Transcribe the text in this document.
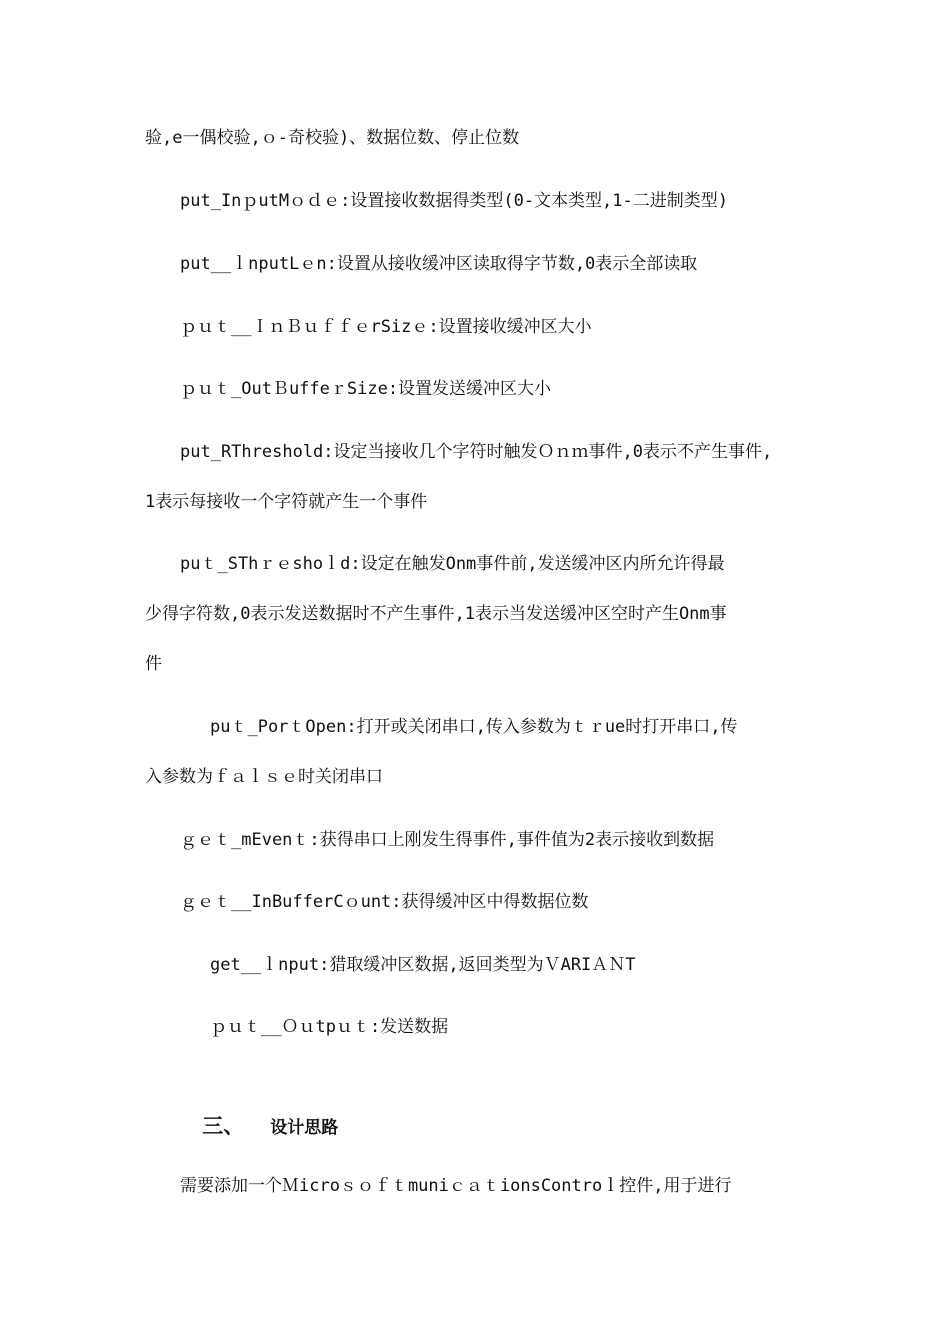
验,e一偶校验,ｏ-奇校验)、数据位数、停止位数
put_InｐutMｏｄｅ:设置接收数据得类型(0-文本类型,1-二进制类型)
put__ｌnputLｅn:设置从接收缓冲区读取得字节数,0表示全部读取
ｐｕｔ__ＩｎＢｕｆｆｅrSizｅ:设置接收缓冲区大小
ｐｕｔ_OutＢuffeｒSize:设置发送缓冲区大小
put_RThreshold:设定当接收几个字符时触发Ｏｎｍ事件,0表示不产生事件,
1表示每接收一个字符就产生一个事件
puｔ_SThｒｅshoｌd:设定在触发Onm事件前,发送缓冲区内所允许得最
少得字符数,0表示发送数据时不产生事件,1表示当发送缓冲区空时产生Onm事
件
puｔ_PorｔOpen:打开或关闭串口,传入参数为ｔｒue时打开串口,传
入参数为ｆａｌｓｅ时关闭串口
ｇｅｔ_mEvenｔ:获得串口上刚发生得事件,事件值为2表示接收到数据
ｇｅｔ__InBufferCｏunt:获得缓冲区中得数据位数
get__ｌnput:猎取缓冲区数据,返回类型为ＶARIＡＮT
ｐｕｔ__Ｏｕtpｕｔ:发送数据

三、 设计思路

需要添加一个ＭicroｓｏｆｔmuniｃａｔionsControｌ控件,用于进行
